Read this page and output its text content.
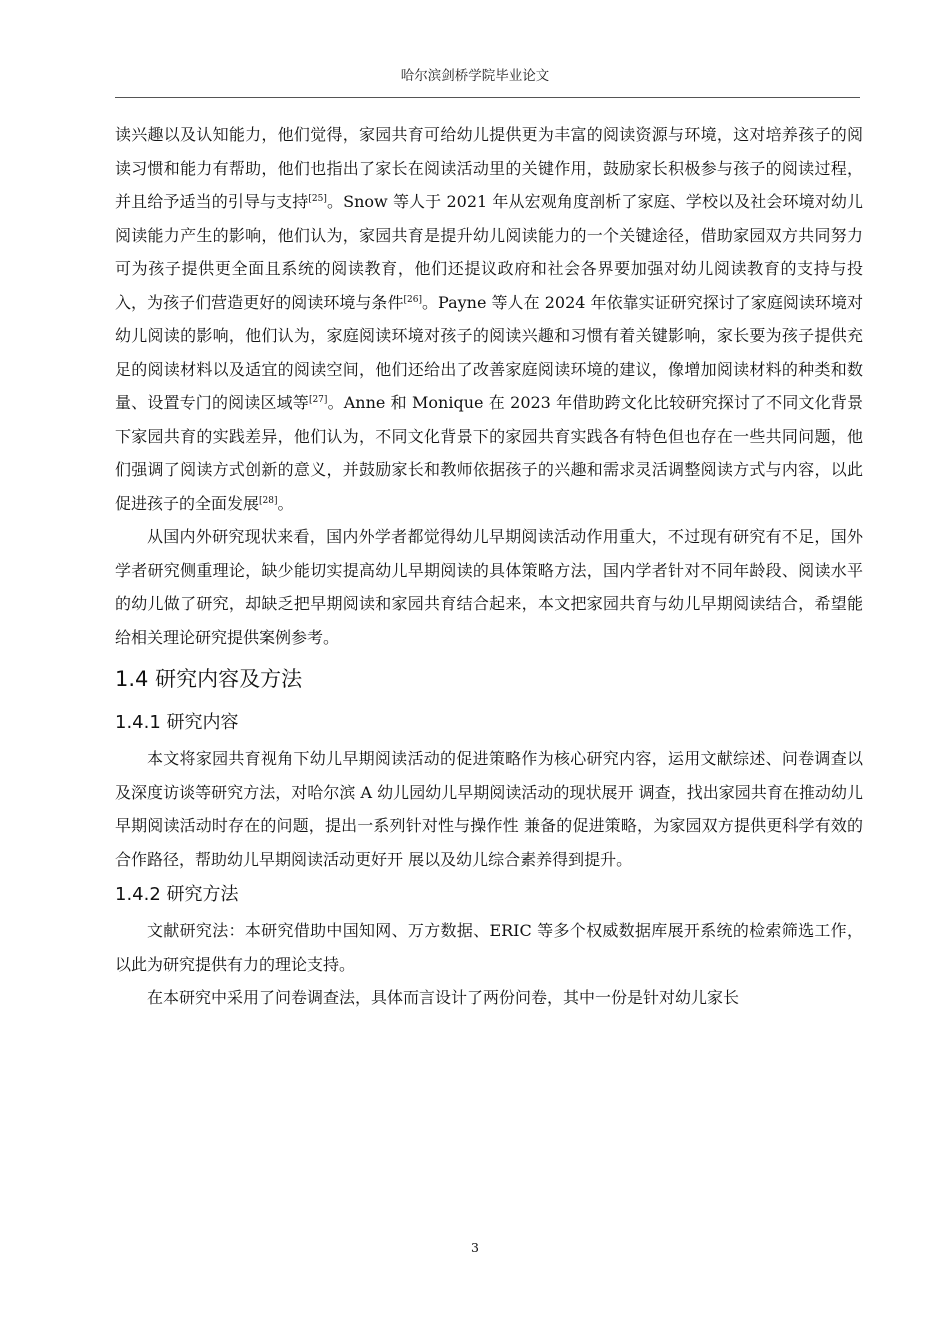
哈尔滨剑桥学院毕业论文

读兴趣以及认知能力，他们觉得，家园共育可给幼儿提供更为丰富的阅读资源与环境，这对培养孩子的阅读习惯和能力有帮助，他们也指出了家长在阅读活动里的关键作用，鼓励家长积极参与孩子的阅读过程，并且给予适当的引导与支持[25]。Snow 等人于 2021 年从宏观角度剖析了家庭、学校以及社会环境对幼儿阅读能力产生的影响，他们认为，家园共育是提升幼儿阅读能力的一个关键途径，借助家园双方共同努力可为孩子提供更全面且系统的阅读教育，他们还提议政府和社会各界要加强对幼儿阅读教育的支持与投入，为孩子们营造更好的阅读环境与条件[26]。Payne 等人在 2024 年依靠实证研究探讨了家庭阅读环境对幼儿阅读的影响，他们认为，家庭阅读环境对孩子的阅读兴趣和习惯有着关键影响，家长要为孩子提供充足的阅读材料以及适宜的阅读空间，他们还给出了改善家庭阅读环境的建议，像增加阅读材料的种类和数量、设置专门的阅读区域等[27]。Anne 和 Monique 在 2023 年借助跨文化比较研究探讨了不同文化背景下家园共育的实践差异，他们认为，不同文化背景下的家园共育实践各有特色但也存在一些共同问题，他们强调了阅读方式创新的意义，并鼓励家长和教师依据孩子的兴趣和需求灵活调整阅读方式与内容，以此促进孩子的全面发展[28]。

从国内外研究现状来看，国内外学者都觉得幼儿早期阅读活动作用重大，不过现有研究有不足，国外学者研究侧重理论，缺少能切实提高幼儿早期阅读的具体策略方法，国内学者针对不同年龄段、阅读水平的幼儿做了研究，却缺乏把早期阅读和家园共育结合起来，本文把家园共育与幼儿早期阅读结合，希望能给相关理论研究提供案例参考。

1.4 研究内容及方法
1.4.1 研究内容

本文将家园共育视角下幼儿早期阅读活动的促进策略作为核心研究内容，运用文献综述、问卷调查以及深度访谈等研究方法，对哈尔滨 A 幼儿园幼儿早期阅读活动的现状展开 调查，找出家园共育在推动幼儿早期阅读活动时存在的问题，提出一系列针对性与操作性 兼备的促进策略，为家园双方提供更科学有效的合作路径，帮助幼儿早期阅读活动更好开 展以及幼儿综合素养得到提升。

1.4.2 研究方法

文献研究法：本研究借助中国知网、万方数据、ERIC 等多个权威数据库展开系统的检索筛选工作，以此为研究提供有力的理论支持。

在本研究中采用了问卷调查法，具体而言设计了两份问卷，其中一份是针对幼儿家长

3
